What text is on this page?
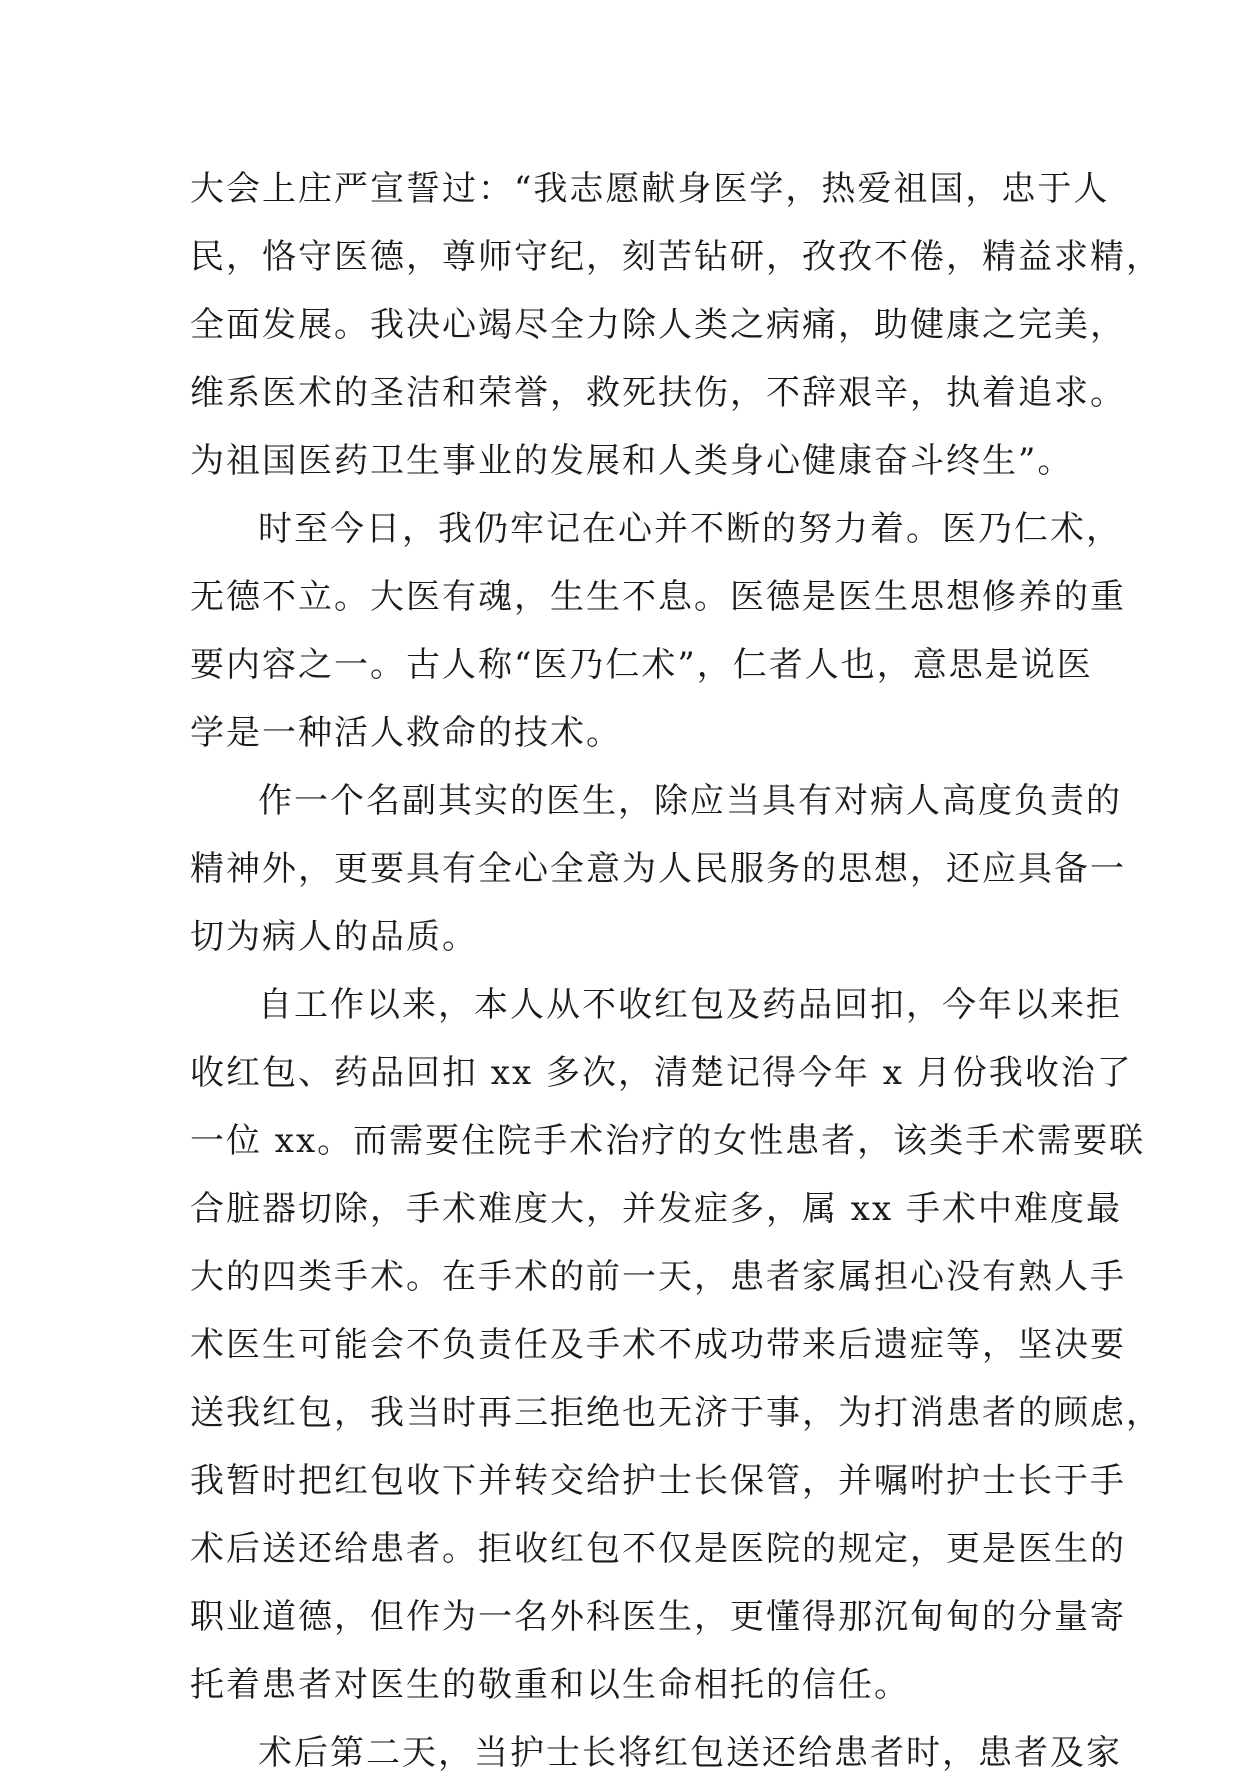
大会上庄严宣誓过：“我志愿献身医学，热爱祖国，忠于人
民，恪守医德，尊师守纪，刻苦钻研，孜孜不倦，精益求精，
全面发展。我决心竭尽全力除人类之病痛，助健康之完美，
维系医术的圣洁和荣誉，救死扶伤，不辞艰辛，执着追求。
为祖国医药卫生事业的发展和人类身心健康奋斗终生”。
时至今日，我仍牢记在心并不断的努力着。医乃仁术，
无德不立。大医有魂，生生不息。医德是医生思想修养的重
要内容之一。古人称“医乃仁术”，仁者人也，意思是说医
学是一种活人救命的技术。
作一个名副其实的医生，除应当具有对病人高度负责的
精神外，更要具有全心全意为人民服务的思想，还应具备一
切为病人的品质。
自工作以来，本人从不收红包及药品回扣，今年以来拒
收红包、药品回扣 xx 多次，清楚记得今年 x 月份我收治了
一位 xx。而需要住院手术治疗的女性患者，该类手术需要联
合脏器切除，手术难度大，并发症多，属 xx 手术中难度最
大的四类手术。在手术的前一天，患者家属担心没有熟人手
术医生可能会不负责任及手术不成功带来后遗症等，坚决要
送我红包，我当时再三拒绝也无济于事，为打消患者的顾虑，
我暂时把红包收下并转交给护士长保管，并嘱咐护士长于手
术后送还给患者。拒收红包不仅是医院的规定，更是医生的
职业道德，但作为一名外科医生，更懂得那沉甸甸的分量寄
托着患者对医生的敬重和以生命相托的信任。
术后第二天，当护士长将红包送还给患者时，患者及家
